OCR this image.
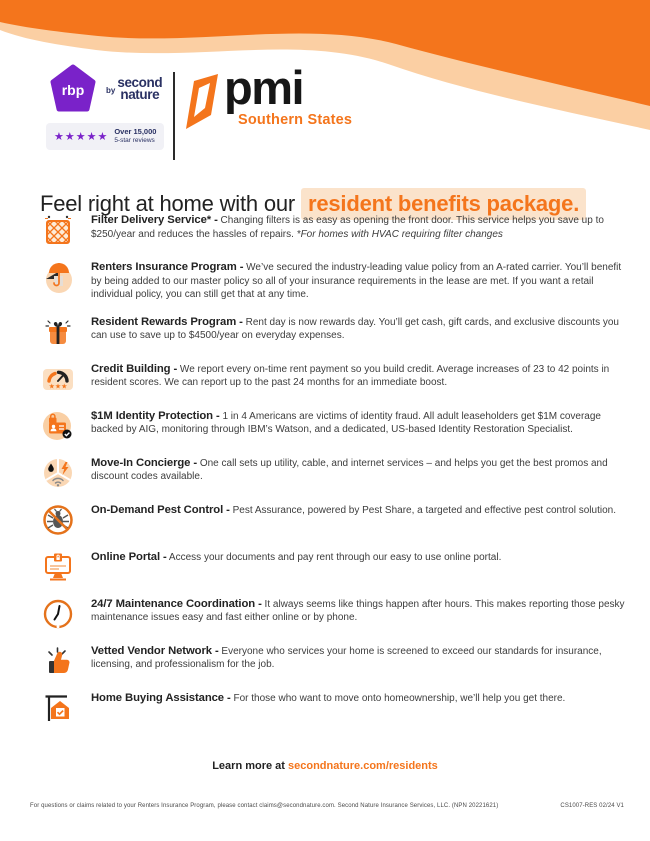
rbp	$^{by}$ second
nature
★★★★★ Over 15,000
5-star reviews
pmi
Southern States
Feel right at home with our resident benefits package.

Filter Delivery Service* - Changing filters is as easy as opening the front door. This service helps you save up to $250/year and reduces the hassles of repairs. *For homes with HVAC requiring filter changes

Renters Insurance Program - We’ve secured the industry-leading value policy from an A-rated carrier. You’ll benefit by being added to our master policy so all of your insurance requirements in the lease are met. If you want a retail individual policy, you can still get that at any time.

Resident Rewards Program - Rent day is now rewards day. You’ll get cash, gift cards, and exclusive discounts you can use to save up to $4500/year on everyday expenses.

★★★

Credit Building - We report every on-time rent payment so you build credit. Average increases of 23 to 42 points in resident scores. We can report up to the past 24 months for an immediate boost.

$1M Identity Protection - 1 in 4 Americans are victims of identity fraud. All adult leaseholders get $1M coverage backed by AIG, monitoring through IBM’s Watson, and a dedicated, US-based Identity Restoration Specialist.

Move-In Concierge - One call sets up utility, cable, and internet services – and helps you get the best promos and discount codes available.

On-Demand Pest Control - Pest Assurance, powered by Pest Share, a targeted and effective pest control solution.

Online Portal - Access your documents and pay rent through our easy to use online portal.

24/7 Maintenance Coordination - It always seems like things happen after hours. This makes reporting those pesky maintenance issues easy and fast either online or by phone.

Vetted Vendor Network - Everyone who services your home is screened to exceed our standards for insurance, licensing, and professionalism for the job.

Home Buying Assistance - For those who want to move onto homeownership, we’ll help you get there.

Learn more at secondnature.com/residents
For questions or claims related to your Renters Insurance Program, please contact claims@secondnature.com. Second Nature Insurance Services, LLC. (NPN 20221621)	CS1007-RES 02/24 V1
